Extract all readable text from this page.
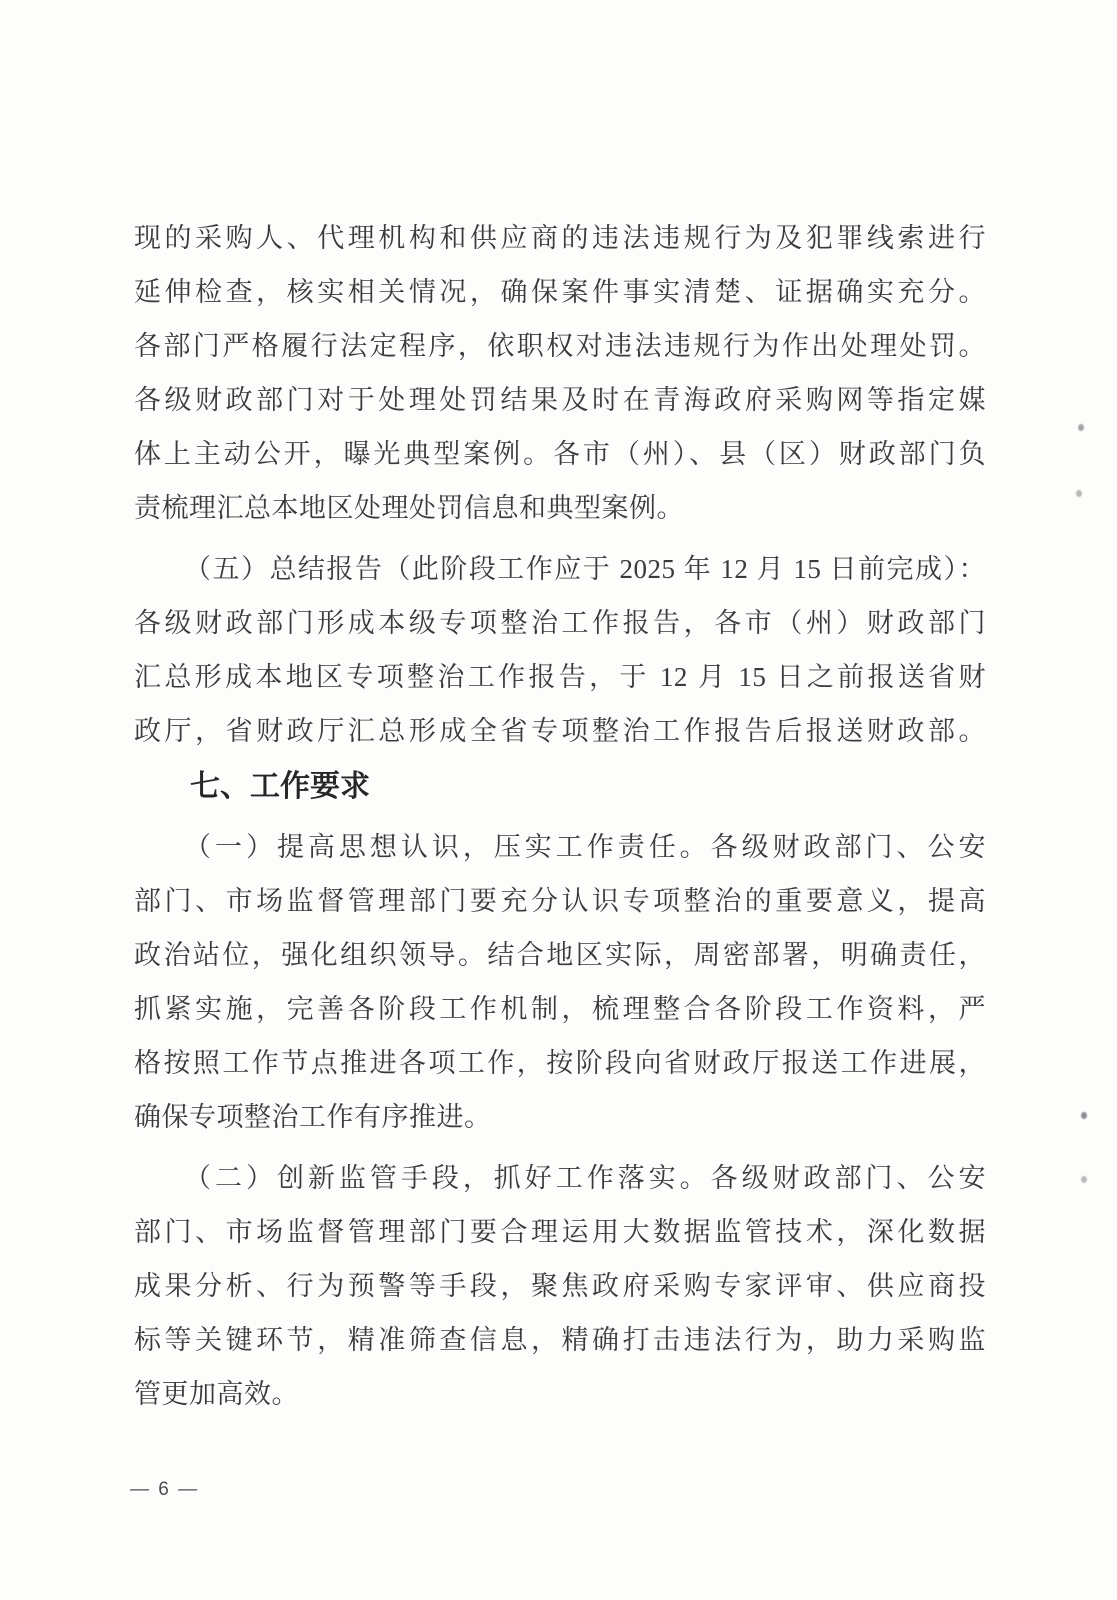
现的采购人、代理机构和供应商的违法违规行为及犯罪线索进行
延伸检查，核实相关情况，确保案件事实清楚、证据确实充分。
各部门严格履行法定程序，依职权对违法违规行为作出处理处罚。
各级财政部门对于处理处罚结果及时在青海政府采购网等指定媒
体上主动公开，曝光典型案例。各市（州）、县（区）财政部门负
责梳理汇总本地区处理处罚信息和典型案例。
（五）总结报告（此阶段工作应于 2025 年 12 月 15 日前完成）：
各级财政部门形成本级专项整治工作报告，各市（州）财政部门
汇总形成本地区专项整治工作报告，于 12 月 15 日之前报送省财
政厅，省财政厅汇总形成全省专项整治工作报告后报送财政部。
七、工作要求
（一）提高思想认识，压实工作责任。各级财政部门、公安
部门、市场监督管理部门要充分认识专项整治的重要意义，提高
政治站位，强化组织领导。结合地区实际，周密部署，明确责任，
抓紧实施，完善各阶段工作机制，梳理整合各阶段工作资料，严
格按照工作节点推进各项工作，按阶段向省财政厅报送工作进展，
确保专项整治工作有序推进。
（二）创新监管手段，抓好工作落实。各级财政部门、公安
部门、市场监督管理部门要合理运用大数据监管技术，深化数据
成果分析、行为预警等手段，聚焦政府采购专家评审、供应商投
标等关键环节，精准筛查信息，精确打击违法行为，助力采购监
管更加高效。
— 6 —
